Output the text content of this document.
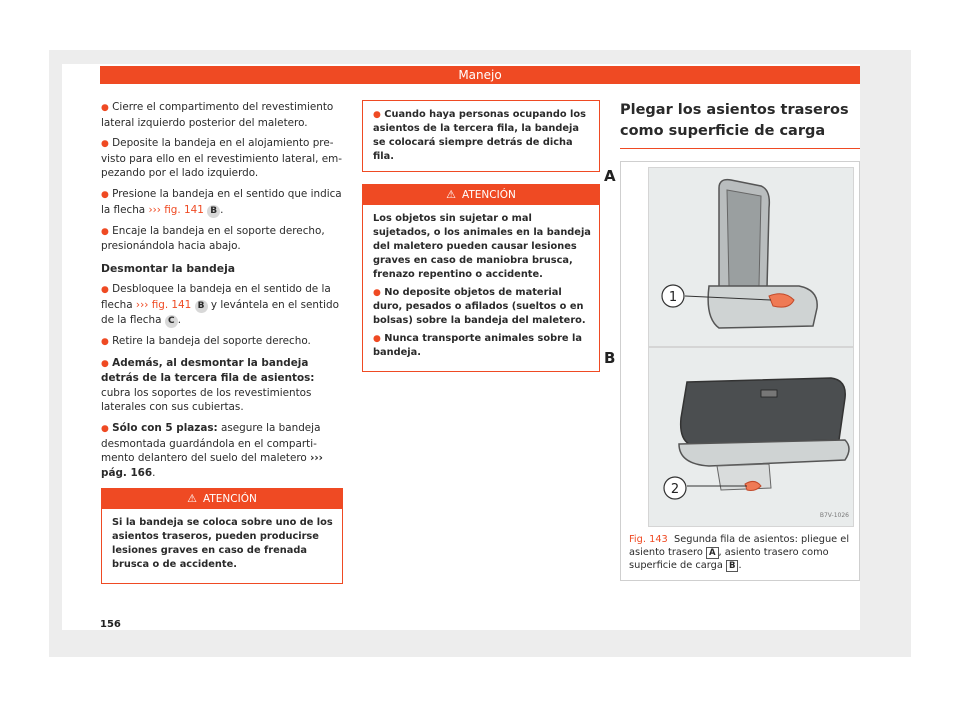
Manejo
● Cierre el compartimento del revestimiento lateral izquierdo posterior del maletero.
● Deposite la bandeja en el alojamiento previsto para ello en el revestimiento lateral, empezando por el lado izquierdo.
● Presione la bandeja en el sentido que indica la flecha ››› fig. 141 B .
● Encaje la bandeja en el soporte derecho, presionándola hacia abajo.
Desmontar la bandeja
● Desbloquee la bandeja en el sentido de la flecha ››› fig. 141 B y levántela en el sentido de la flecha C .
● Retire la bandeja del soporte derecho.
● Además, al desmontar la bandeja detrás de la tercera fila de asientos: cubra los soportes de los revestimientos laterales con sus cubiertas.
● Sólo con 5 plazas: asegure la bandeja desmontada guardándola en el compartimento delantero del suelo del maletero ››› pág. 166.
⚠ ATENCIÓN

Si la bandeja se coloca sobre uno de los asientos traseros, pueden producirse lesiones graves en caso de frenada brusca o de accidente.

● Cuando haya personas ocupando los asientos de la tercera fila, la bandeja se colocará siempre detrás de dicha fila.
⚠ ATENCIÓN

Los objetos sin sujetar o mal sujetados, o los animales en la bandeja del maletero pueden causar lesiones graves en caso de maniobra brusca, frenazo repentino o accidente.

● No deposite objetos de material duro, pesados o afilados (sueltos o en bolsas) sobre la bandeja del maletero.

● Nunca transporte animales sobre la bandeja.

Plegar los asientos traseros como superficie de carga
1
A
2
B7V-1026
B
Fig. 143 Segunda fila de asientos: pliegue el asiento trasero A , asiento trasero como superficie de carga B .
156
